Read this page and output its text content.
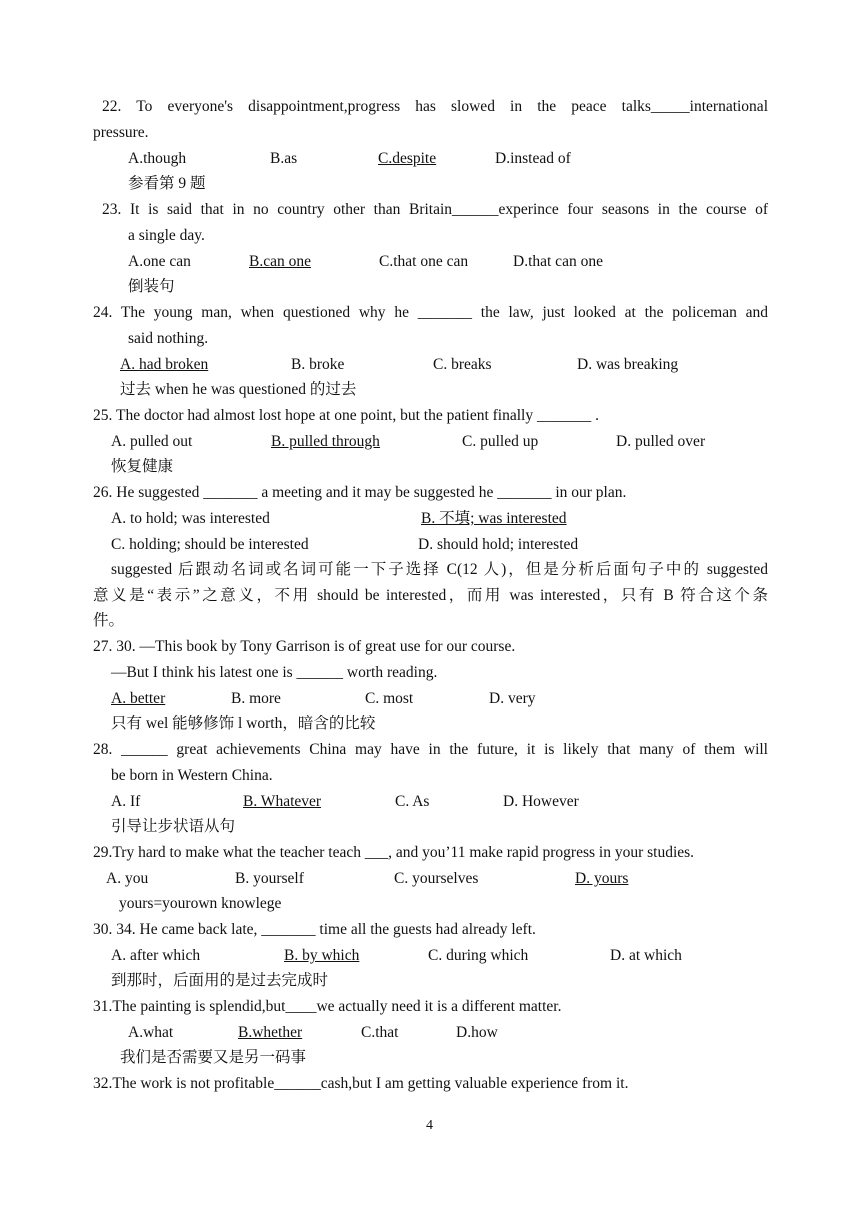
22. To everyone's disappointment,progress has slowed in the peace talks_____international
pressure.
A.though	B.as	C.despite	D.instead of
参看第 9 题
23. It is said that in no country other than Britain______experince four seasons in the course of
a single day.
A.one can	B.can one	C.that one can	D.that can one
倒装句
24. The young man, when questioned why he _______ the law, just looked at the policeman and
said nothing.
A. had broken	B. broke	C. breaks	D. was breaking
过去 when he was questioned 的过去
25. The doctor had almost lost hope at one point, but the patient finally _______ .
A. pulled out	B. pulled through	C. pulled up	D. pulled over
恢复健康
26. He suggested _______ a meeting and it may be suggested he _______ in our plan.
A. to hold; was interested	B. 不填; was interested
C. holding; should be interested	D. should hold; interested
suggested 后跟动名词或名词可能一下子选择 C(12 人)，但是分析后面句子中的 suggested
意义是“表示”之意义，不用 should be interested，而用 was interested，只有 B 符合这个条
件。
27. 30. —This book by Tony Garrison is of great use for our course.
—But I think his latest one is ______ worth reading.
A. better	B. more	C. most	D. very
只有 wel 能够修饰 l worth，暗含的比较
28. ______ great achievements China may have in the future, it is likely that many of them will
be born in Western China.
A. If	B. Whatever	C. As	D. However
引导让步状语从句
29.Try hard to make what the teacher teach ___, and you’11 make rapid progress in your studies.
A. you	B. yourself	C. yourselves	D. yours
yours=yourown knowlege
30. 34. He came back late, _______ time all the guests had already left.
A. after which	B. by which	C. during which	D. at which
到那时，后面用的是过去完成时
31.The painting is splendid,but____we actually need it is a different matter.
A.what	B.whether	C.that	D.how
我们是否需要又是另一码事
32.The work is not profitable______cash,but I am getting valuable experience from it.
4
